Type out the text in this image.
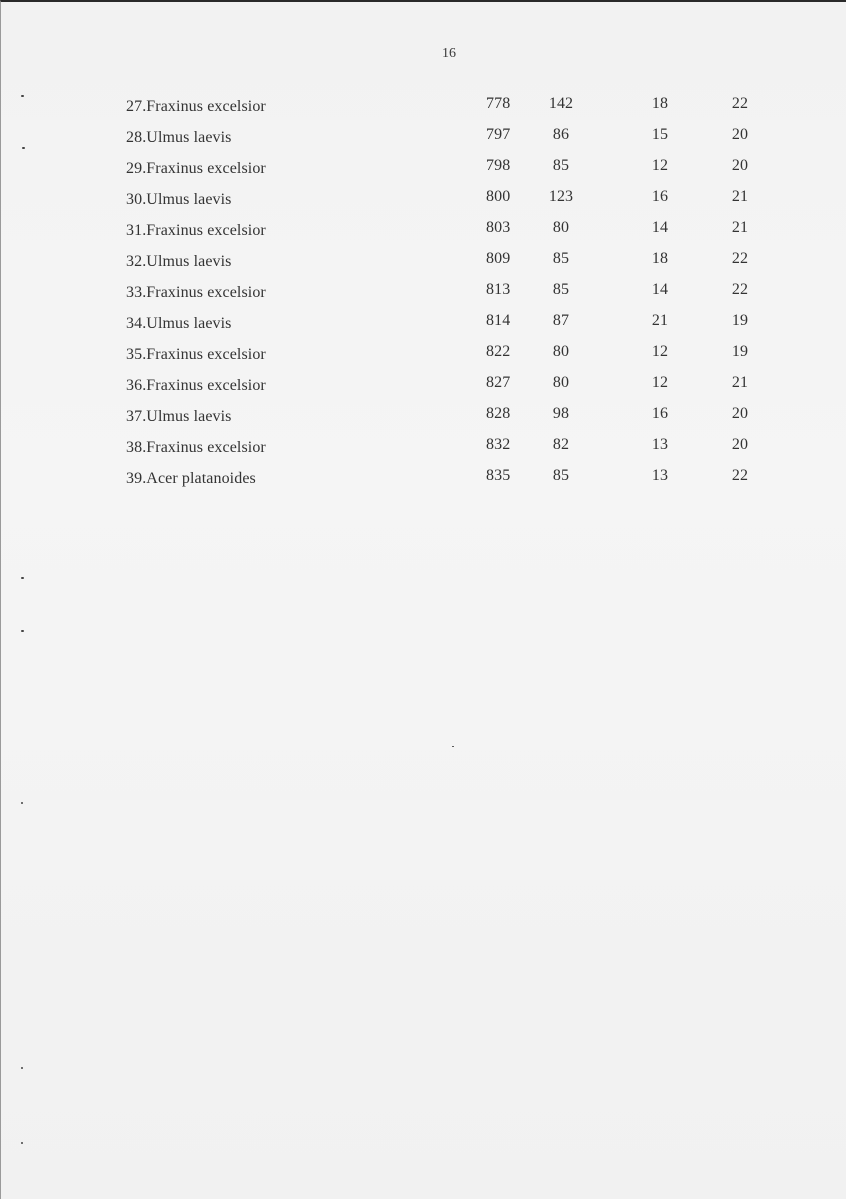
16
27.Fraxinus excelsior	778 142	18	22
28.Ulmus laevis	797	86	15	20
29.Fraxinus excelsior	798	85	12	20
30.Ulmus laevis	800 123	16	21
31.Fraxinus excelsior	803	80	14	21
32.Ulmus laevis	809	85	18	22
33.Fraxinus excelsior	813	85	14	22
34.Ulmus laevis	814	87	21	19
35.Fraxinus excelsior	822	80	12	19
36.Fraxinus excelsior	827	80	12	21
37.Ulmus laevis	828	98	16	20
38.Fraxinus excelsior	832	82	13	20
39.Acer platanoides	835	85	13	22
